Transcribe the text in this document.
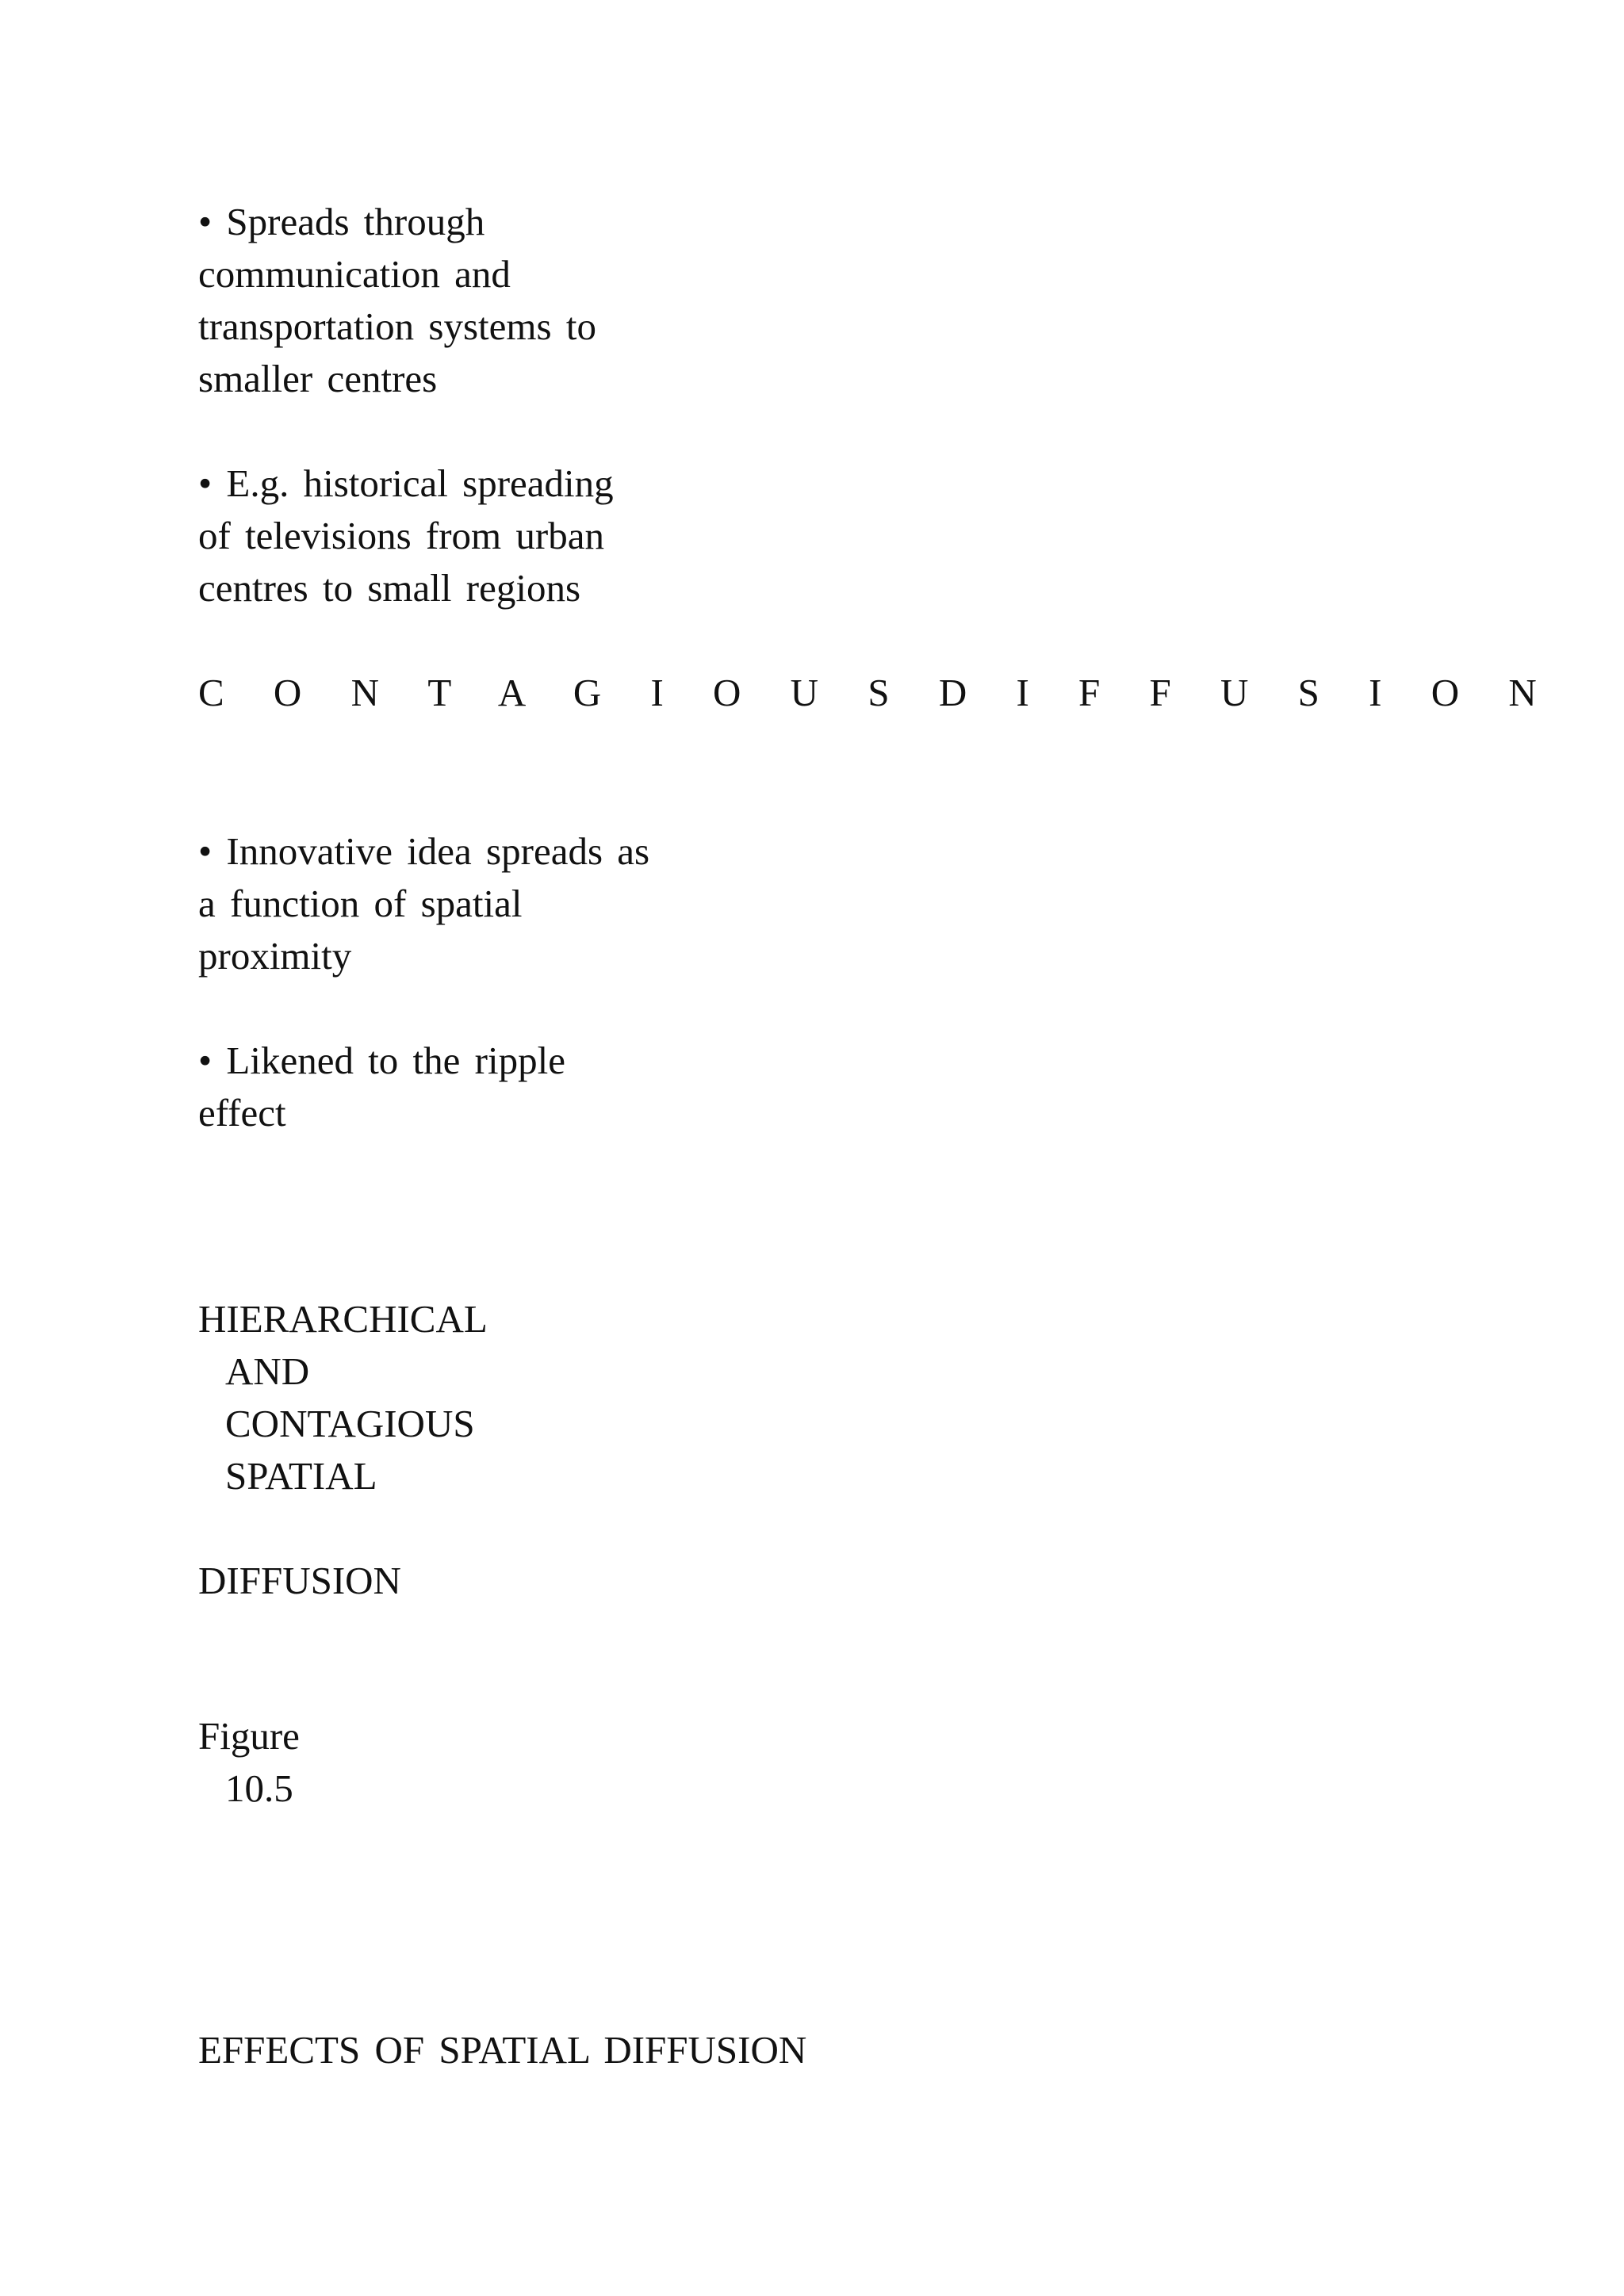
• Spreads through
communication and
transportation systems to
smaller centres
• E.g. historical spreading
of televisions from urban
centres to small regions
C O N T A G I O U S D I F F U S I O N
• Innovative idea spreads as
a function of spatial
proximity
• Likened to the ripple
effect
HIERARCHICAL
AND
CONTAGIOUS
SPATIAL
DIFFUSION
Figure
10.5
EFFECTS OF SPATIAL DIFFUSION
